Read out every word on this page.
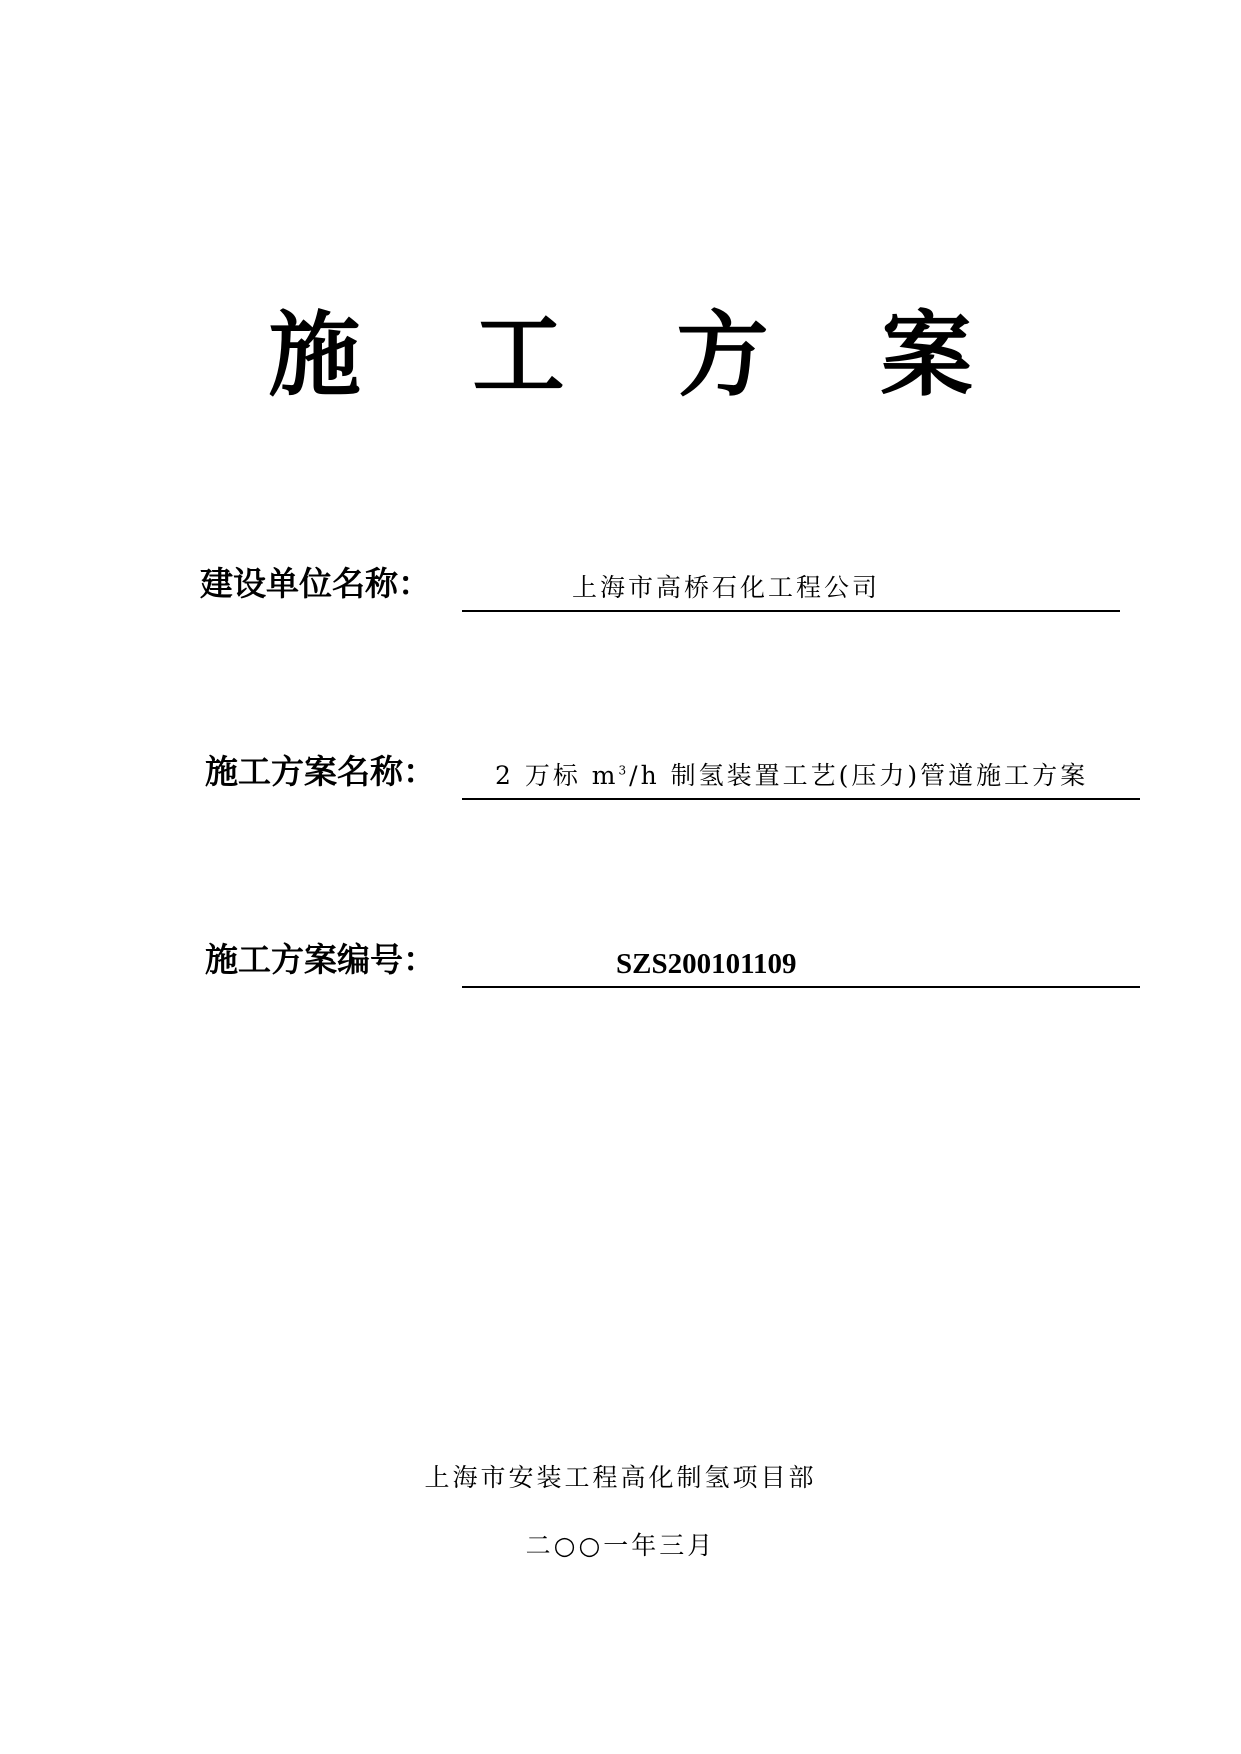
施 工 方 案
建设单位名称：	上海市高桥石化工程公司
施工方案名称： 2 万标 $m^3/h$ 制氢装置工艺(压力)管道施工方案
施工方案编号：	SZS200101109
上海市安装工程高化制氢项目部
二○○一年三月
